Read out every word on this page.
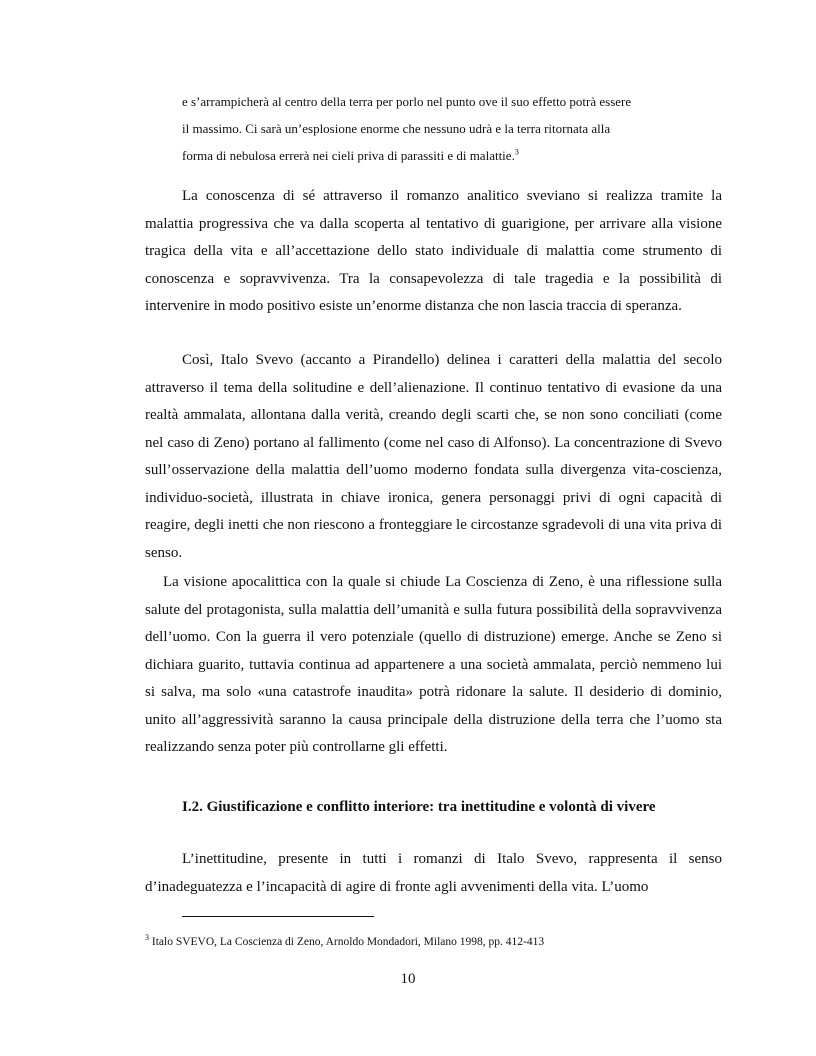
e s’arrampicherà al centro della terra per porlo nel punto ove il suo effetto potrà essere
il massimo. Ci sarà un’esplosione enorme che nessuno udrà e la terra ritornata alla
forma di nebulosa errerà nei cieli priva di parassiti e di malattie.$^3$

La conoscenza di sé attraverso il romanzo analitico sveviano si realizza tramite la malattia progressiva che va dalla scoperta al tentativo di guarigione, per arrivare alla visione tragica della vita e all’accettazione dello stato individuale di malattia come strumento di conoscenza e sopravvivenza. Tra la consapevolezza di tale tragedia e la possibilità di intervenire in modo positivo esiste un’enorme distanza che non lascia traccia di speranza.

Così, Italo Svevo (accanto a Pirandello) delinea i caratteri della malattia del secolo attraverso il tema della solitudine e dell’alienazione. Il continuo tentativo di evasione da una realtà ammalata, allontana dalla verità, creando degli scarti che, se non sono conciliati (come nel caso di Zeno) portano al fallimento (come nel caso di Alfonso). La concentrazione di Svevo sull’osservazione della malattia dell’uomo moderno fondata sulla divergenza vita-coscienza, individuo-società, illustrata in chiave ironica, genera personaggi privi di ogni capacità di reagire, degli inetti che non riescono a fronteggiare le circostanze sgradevoli di una vita priva di senso.

La visione apocalittica con la quale si chiude La Coscienza di Zeno, è una riflessione sulla salute del protagonista, sulla malattia dell’umanità e sulla futura possibilità della sopravvivenza dell’uomo. Con la guerra il vero potenziale (quello di distruzione) emerge. Anche se Zeno si dichiara guarito, tuttavia continua ad appartenere a una società ammalata, perciò nemmeno lui si salva, ma solo «una catastrofe inaudita» potrà ridonare la salute. Il desiderio di dominio, unito all’aggressività saranno la causa principale della distruzione della terra che l’uomo sta realizzando senza poter più controllarne gli effetti.

I.2. Giustificazione e conflitto interiore: tra inettitudine e volontà di vivere

L’inettitudine, presente in tutti i romanzi di Italo Svevo, rappresenta il senso d’inadeguatezza e l’incapacità di agire di fronte agli avvenimenti della vita. L’uomo

$^3$ Italo SVEVO, La Coscienza di Zeno, Arnoldo Mondadori, Milano 1998, pp. 412-413
10
